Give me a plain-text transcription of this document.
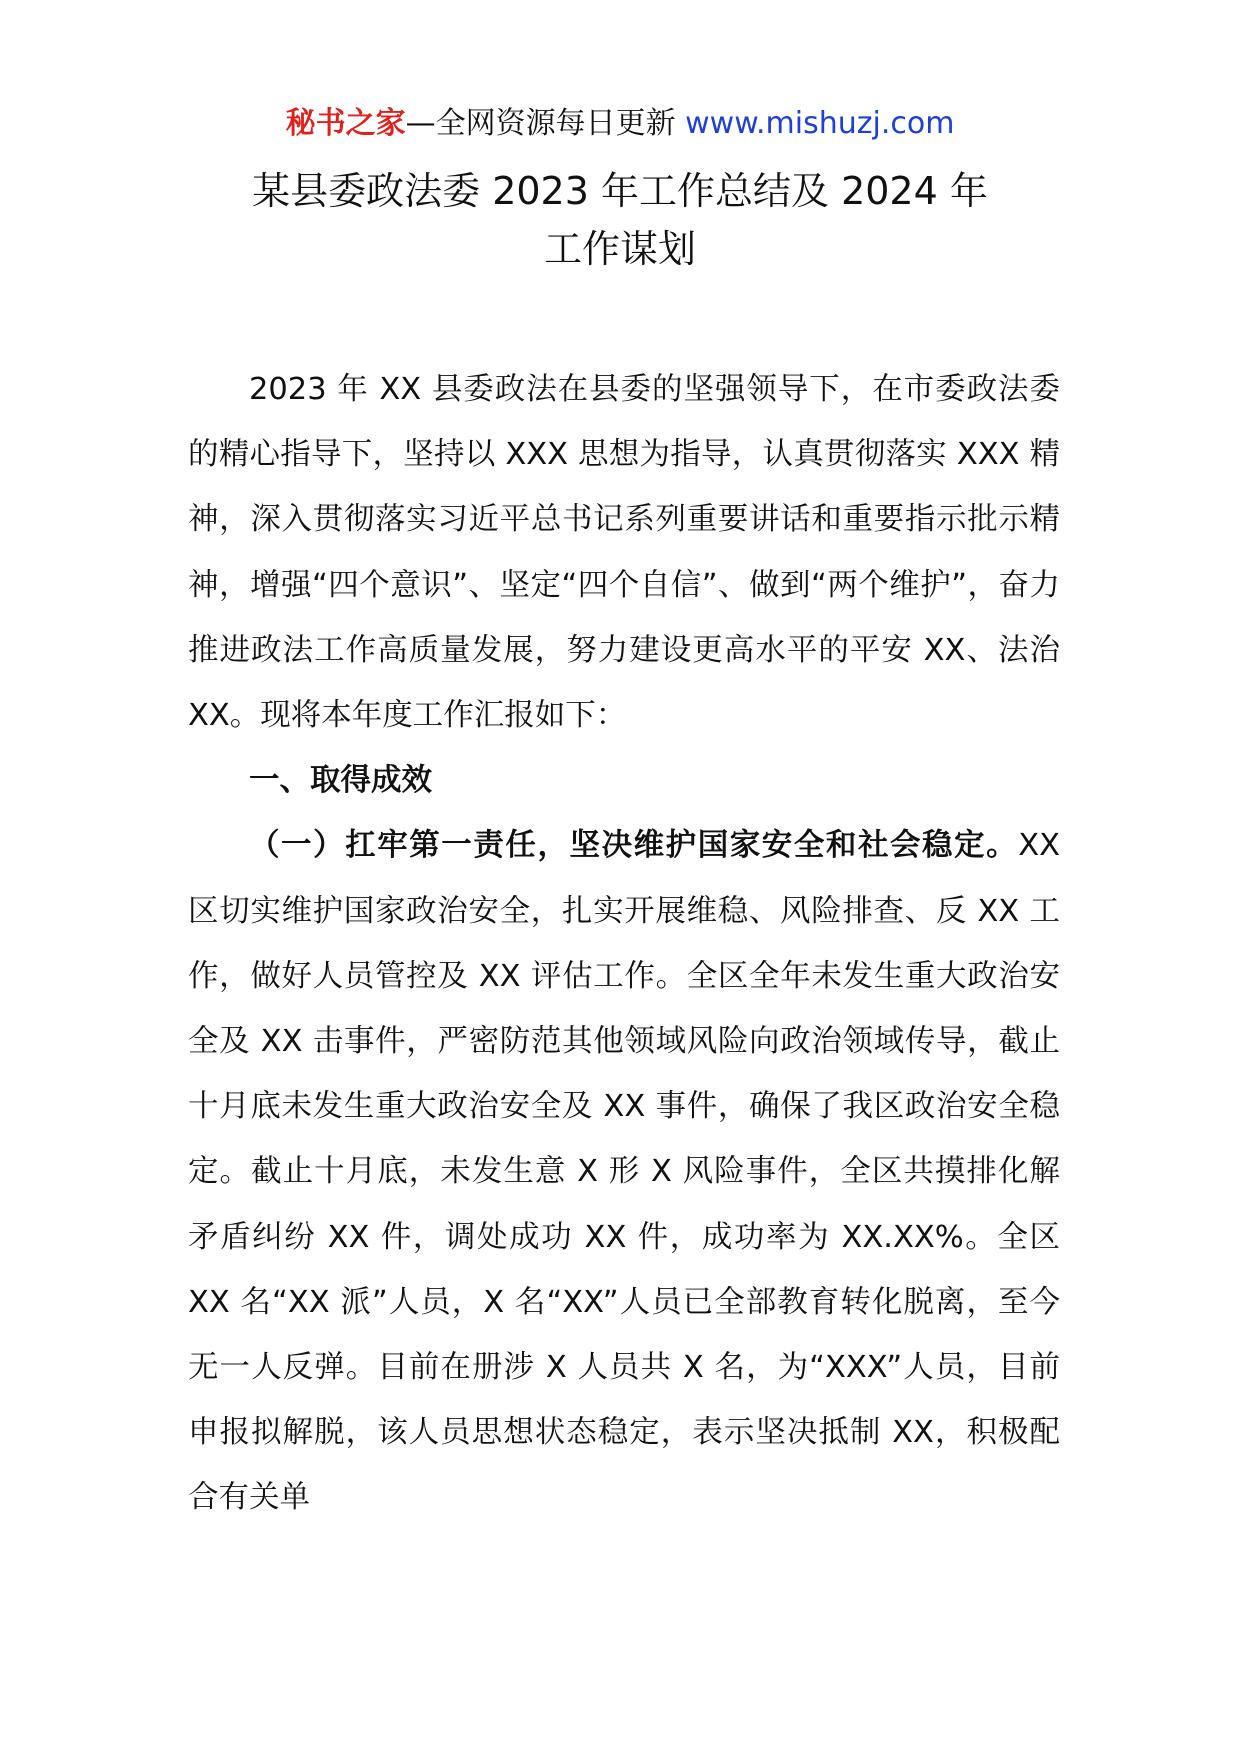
秘书之家—全网资源每日更新 www.mishuzj.com
某县委政法委 2023 年工作总结及 2024 年
工作谋划

2023 年 XX 县委政法在县委的坚强领导下，在市委政法委的精心指导下，坚持以 XXX 思想为指导，认真贯彻落实 XXX 精神，深入贯彻落实习近平总书记系列重要讲话和重要指示批示精神，增强“四个意识”、坚定“四个自信”、做到“两个维护”，奋力推进政法工作高质量发展，努力建设更高水平的平安 XX、法治 XX。现将本年度工作汇报如下：

一、取得成效

（一）扛牢第一责任，坚决维护国家安全和社会稳定。XX 区切实维护国家政治安全，扎实开展维稳、风险排查、反 XX 工作，做好人员管控及 XX 评估工作。全区全年未发生重大政治安全及 XX 击事件，严密防范其他领域风险向政治领域传导，截止十月底未发生重大政治安全及 XX 事件，确保了我区政治安全稳定。截止十月底，未发生意 X 形 X 风险事件，全区共摸排化解矛盾纠纷 XX 件，调处成功 XX 件，成功率为 XX.XX%。全区 XX 名“XX 派”人员，X 名“XX”人员已全部教育转化脱离，至今无一人反弹。目前在册涉 X 人员共 X 名，为“XXX”人员，目前申报拟解脱，该人员思想状态稳定，表示坚决抵制 XX，积极配合有关单
